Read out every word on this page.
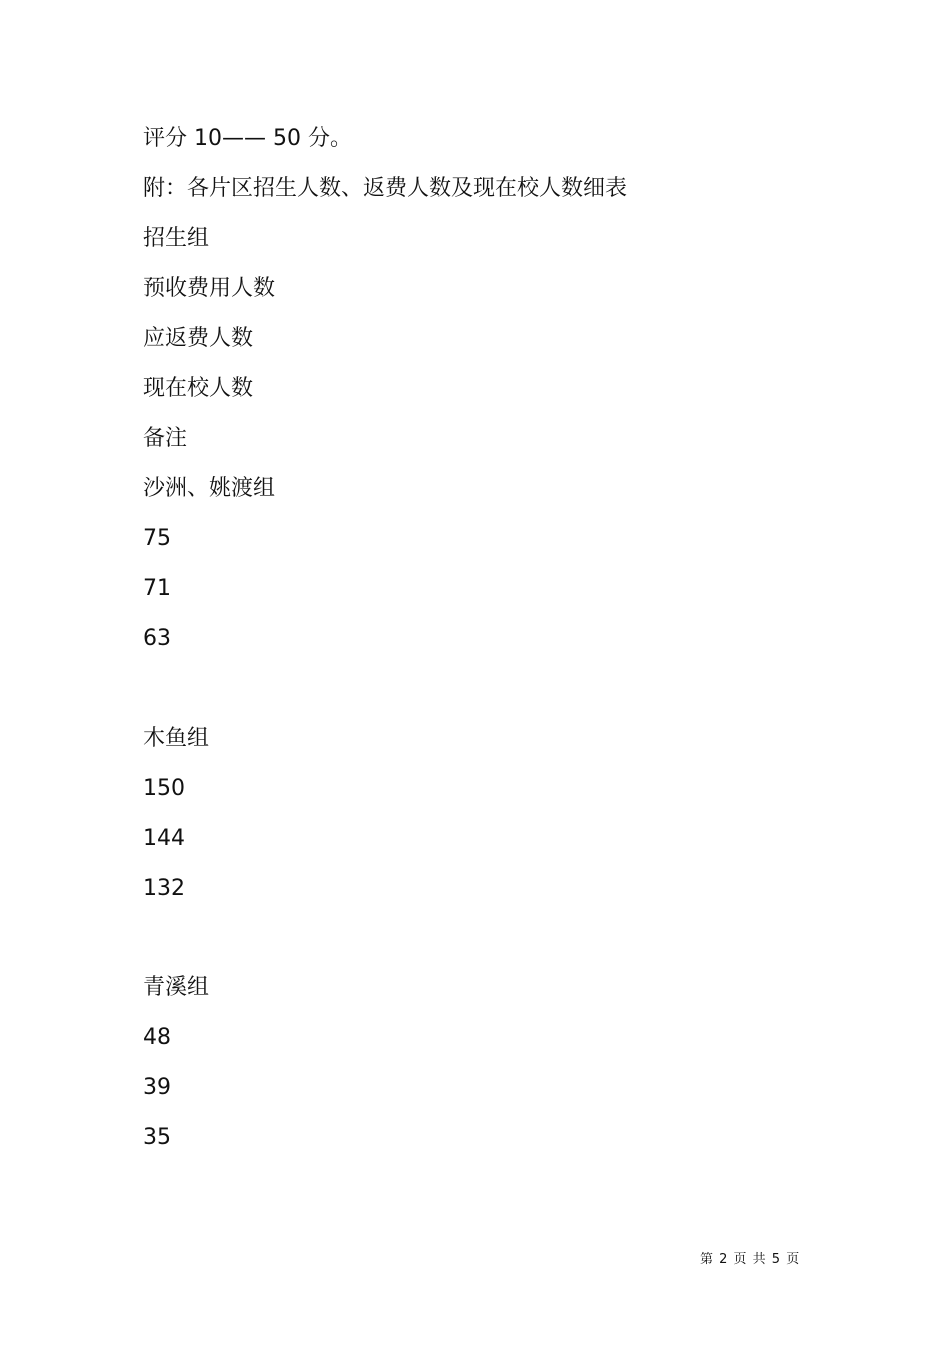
评分 10—— 50 分。
附：各片区招生人数、返费人数及现在校人数细表
招生组
预收费用人数
应返费人数
现在校人数
备注
沙洲、姚渡组
75
71
63
木鱼组
150
144
132
青溪组
48
39
35
第 2 页 共 5 页
